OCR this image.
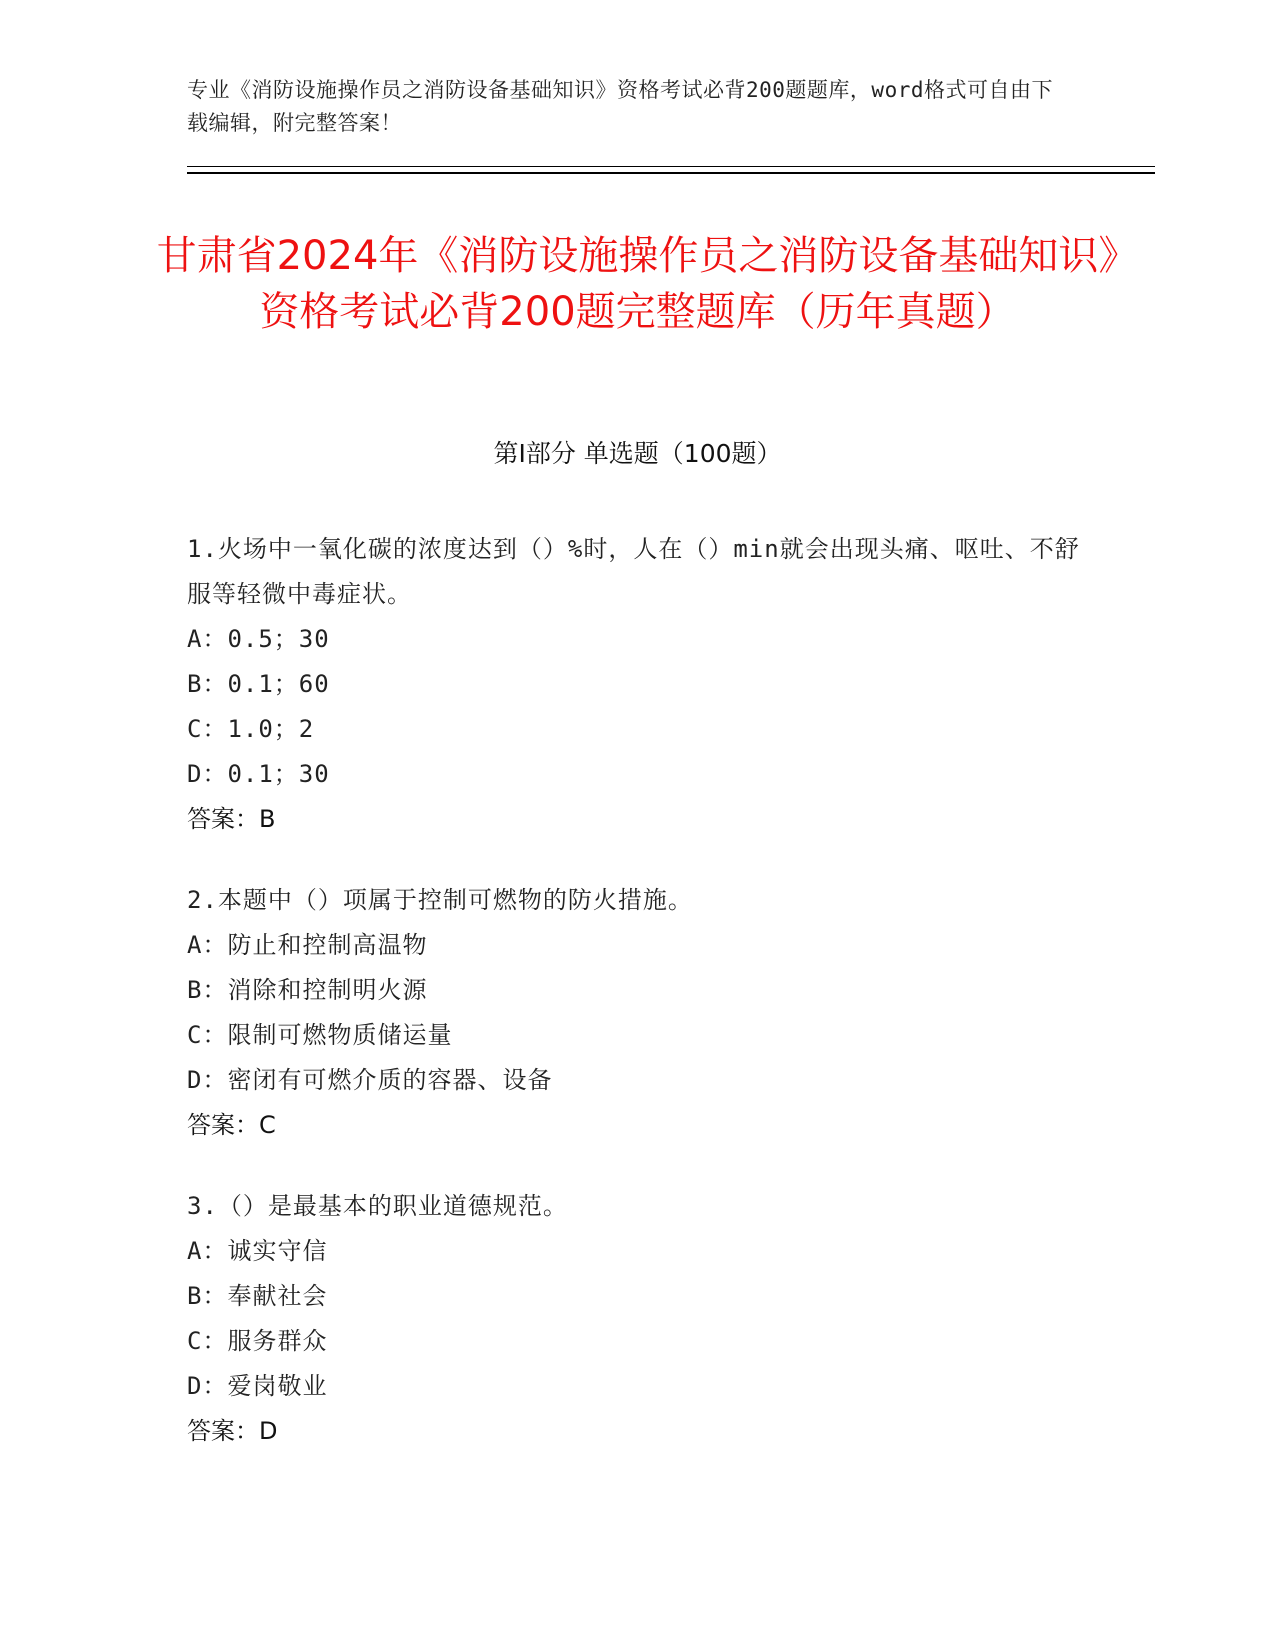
专业《消防设施操作员之消防设备基础知识》资格考试必背200题题库，word格式可自由下载编辑，附完整答案！
甘肃省2024年《消防设施操作员之消防设备基础知识》资格考试必背200题完整题库（历年真题）
第Ⅰ部分 单选题（100题）
1.火场中一氧化碳的浓度达到（）%时，人在（）min就会出现头痛、呕吐、不舒服等轻微中毒症状。
A：0.5；30
B：0.1；60
C：1.0；2
D：0.1；30
答案：B
2.本题中（）项属于控制可燃物的防火措施。
A：防止和控制高温物
B：消除和控制明火源
C：限制可燃物质储运量
D：密闭有可燃介质的容器、设备
答案：C
3.（）是最基本的职业道德规范。
A：诚实守信
B：奉献社会
C：服务群众
D：爱岗敬业
答案：D
